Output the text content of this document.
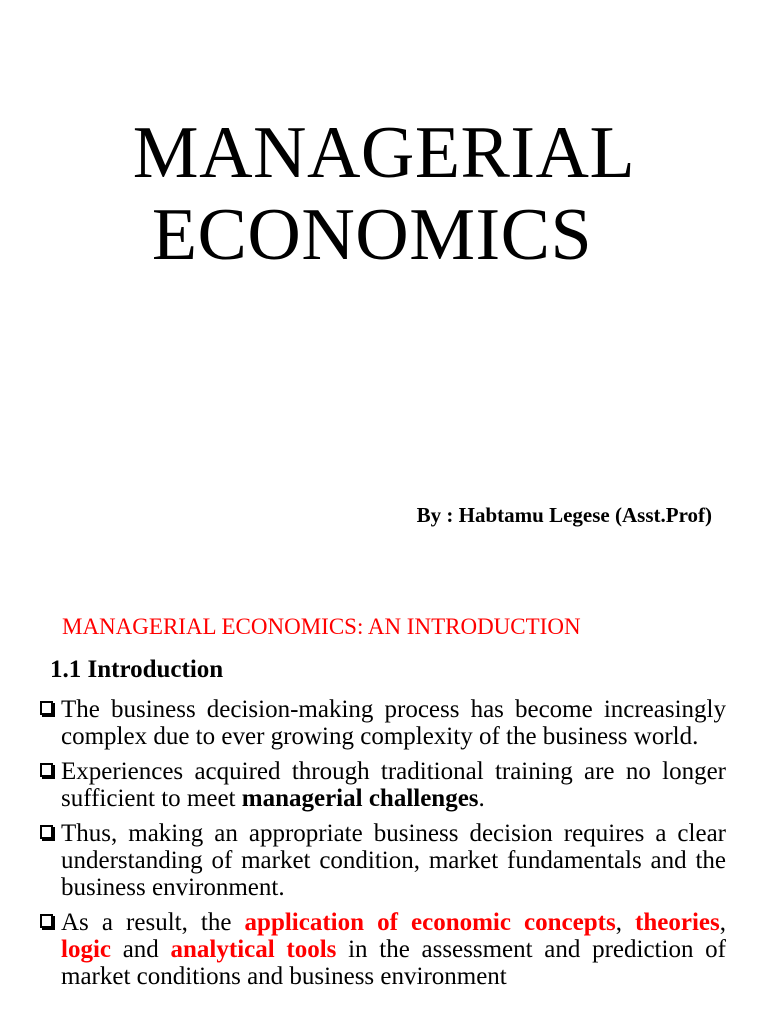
MANAGERIAL
ECONOMICS
By : Habtamu Legese (Asst.Prof)
MANAGERIAL ECONOMICS: AN INTRODUCTION
1.1 Introduction
The business decision-making process has become increasingly complex due to ever growing complexity of the business world.
Experiences acquired through traditional training are no longer sufficient to meet managerial challenges.
Thus, making an appropriate business decision requires a clear understanding of market condition, market fundamentals and the business environment.
As a result, the application of economic concepts, theories, logic and analytical tools in the assessment and prediction of market conditions and business environment
